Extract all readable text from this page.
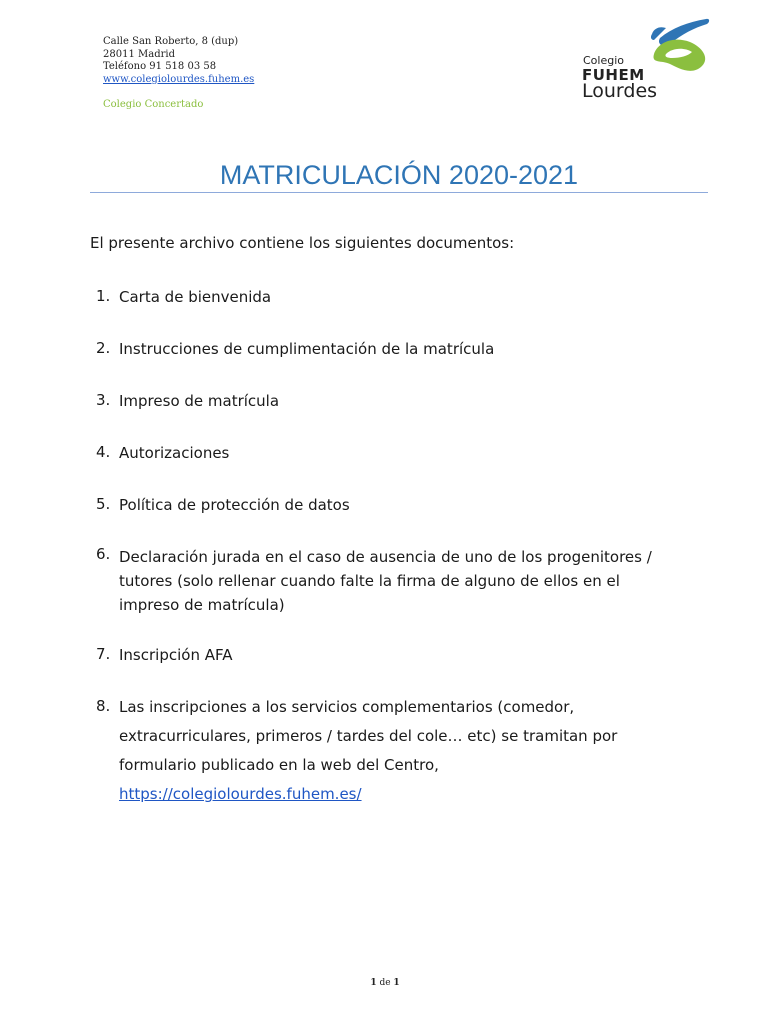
Calle San Roberto, 8 (dup)
28011 Madrid
Teléfono 91 518 03 58
www.colegiolourdes.fuhem.es
Colegio Concertado
Colegio
FUHEM
Lourdes
MATRICULACIÓN 2020-2021
El presente archivo contiene los siguientes documentos:
1. Carta de bienvenida
2. Instrucciones de cumplimentación de la matrícula
3. Impreso de matrícula
4. Autorizaciones
5. Política de protección de datos
6. Declaración jurada en el caso de ausencia de uno de los progenitores / tutores (solo rellenar cuando falte la firma de alguno de ellos en el impreso de matrícula)
7. Inscripción AFA
8. Las inscripciones a los servicios complementarios (comedor, extracurriculares, primeros / tardes del cole… etc) se tramitan por formulario publicado en la web del Centro,
https://colegiolourdes.fuhem.es/
1 de 1
